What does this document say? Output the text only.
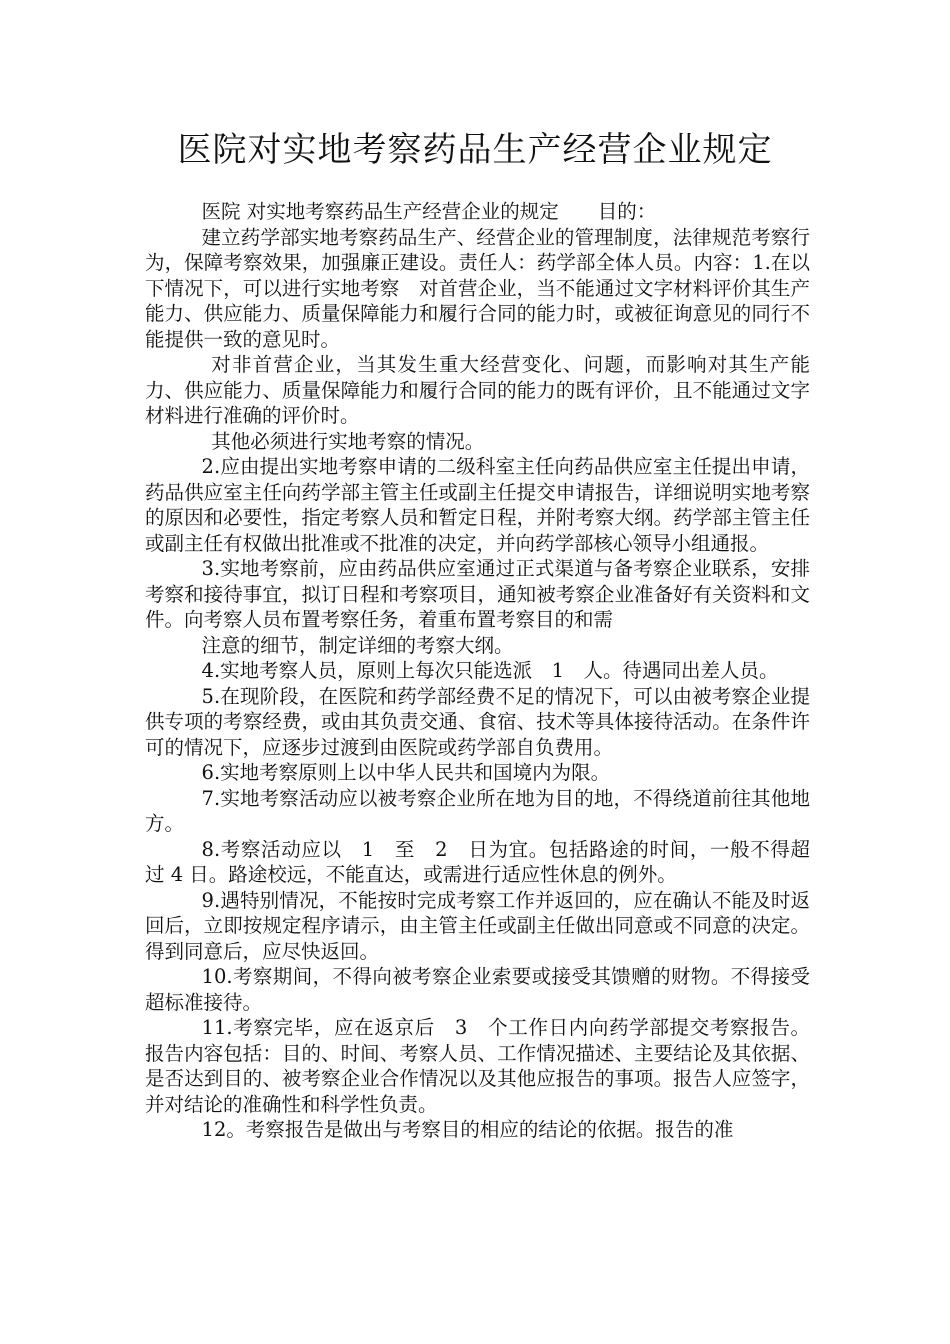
医院对实地考察药品生产经营企业规定

医院 对实地考察药品生产经营企业的规定　　目的：

建立药学部实地考察药品生产、经营企业的管理制度，法律规范考察行为，保障考察效果，加强廉正建设。责任人：药学部全体人员。内容：1.在以下情况下，可以进行实地考察　对首营企业，当不能通过文字材料评价其生产能力、供应能力、质量保障能力和履行合同的能力时，或被征询意见的同行不能提供一致的意见时。

对非首营企业，当其发生重大经营变化、问题，而影响对其生产能力、供应能力、质量保障能力和履行合同的能力的既有评价，且不能通过文字材料进行准确的评价时。

其他必须进行实地考察的情况。

2.应由提出实地考察申请的二级科室主任向药品供应室主任提出申请，药品供应室主任向药学部主管主任或副主任提交申请报告，详细说明实地考察的原因和必要性，指定考察人员和暂定日程，并附考察大纲。药学部主管主任或副主任有权做出批准或不批准的决定，并向药学部核心领导小组通报。

3.实地考察前，应由药品供应室通过正式渠道与备考察企业联系，安排考察和接待事宜，拟订日程和考察项目，通知被考察企业准备好有关资料和文件。向考察人员布置考察任务，着重布置考察目的和需

注意的细节，制定详细的考察大纲。

4.实地考察人员，原则上每次只能选派　1　人。待遇同出差人员。

5.在现阶段，在医院和药学部经费不足的情况下，可以由被考察企业提供专项的考察经费，或由其负责交通、食宿、技术等具体接待活动。在条件许可的情况下，应逐步过渡到由医院或药学部自负费用。

6.实地考察原则上以中华人民共和国境内为限。

7.实地考察活动应以被考察企业所在地为目的地，不得绕道前往其他地方。

8.考察活动应以　1　至　2　日为宜。包括路途的时间，一般不得超过 4 日。路途校远，不能直达，或需进行适应性休息的例外。

9.遇特别情况，不能按时完成考察工作并返回的，应在确认不能及时返回后，立即按规定程序请示，由主管主任或副主任做出同意或不同意的决定。得到同意后，应尽快返回。

10.考察期间，不得向被考察企业索要或接受其馈赠的财物。不得接受超标准接待。

11.考察完毕，应在返京后　3　个工作日内向药学部提交考察报告。报告内容包括：目的、时间、考察人员、工作情况描述、主要结论及其依据、是否达到目的、被考察企业合作情况以及其他应报告的事项。报告人应签字，并对结论的准确性和科学性负责。

12。考察报告是做出与考察目的相应的结论的依据。报告的准
